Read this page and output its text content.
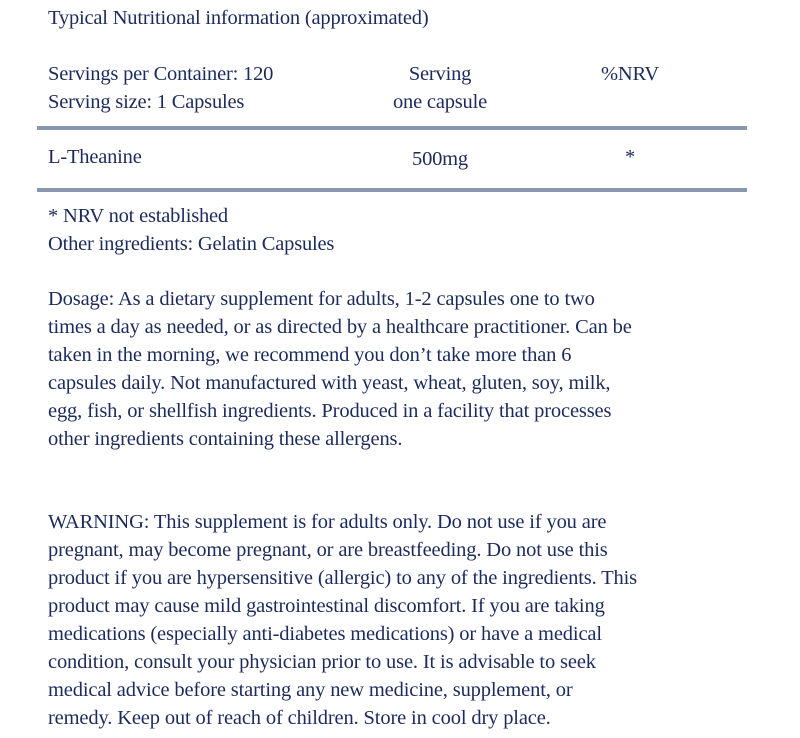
Typical Nutritional information (approximated)
Servings per Container: 120
Serving size: 1 Capsules
Serving
one capsule
%NRV
L-Theanine	500mg	*
* NRV not established
Other ingredients: Gelatin Capsules
Dosage: As a dietary supplement for adults, 1-2 capsules one to two
times a day as needed, or as directed by a healthcare practitioner. Can be
taken in the morning, we recommend you don’t take more than 6
capsules daily. Not manufactured with yeast, wheat, gluten, soy, milk,
egg, fish, or shellfish ingredients. Produced in a facility that processes
other ingredients containing these allergens.
WARNING: This supplement is for adults only. Do not use if you are
pregnant, may become pregnant, or are breastfeeding. Do not use this
product if you are hypersensitive (allergic) to any of the ingredients. This
product may cause mild gastrointestinal discomfort. If you are taking
medications (especially anti-diabetes medications) or have a medical
condition, consult your physician prior to use. It is advisable to seek
medical advice before starting any new medicine, supplement, or
remedy. Keep out of reach of children. Store in cool dry place.
